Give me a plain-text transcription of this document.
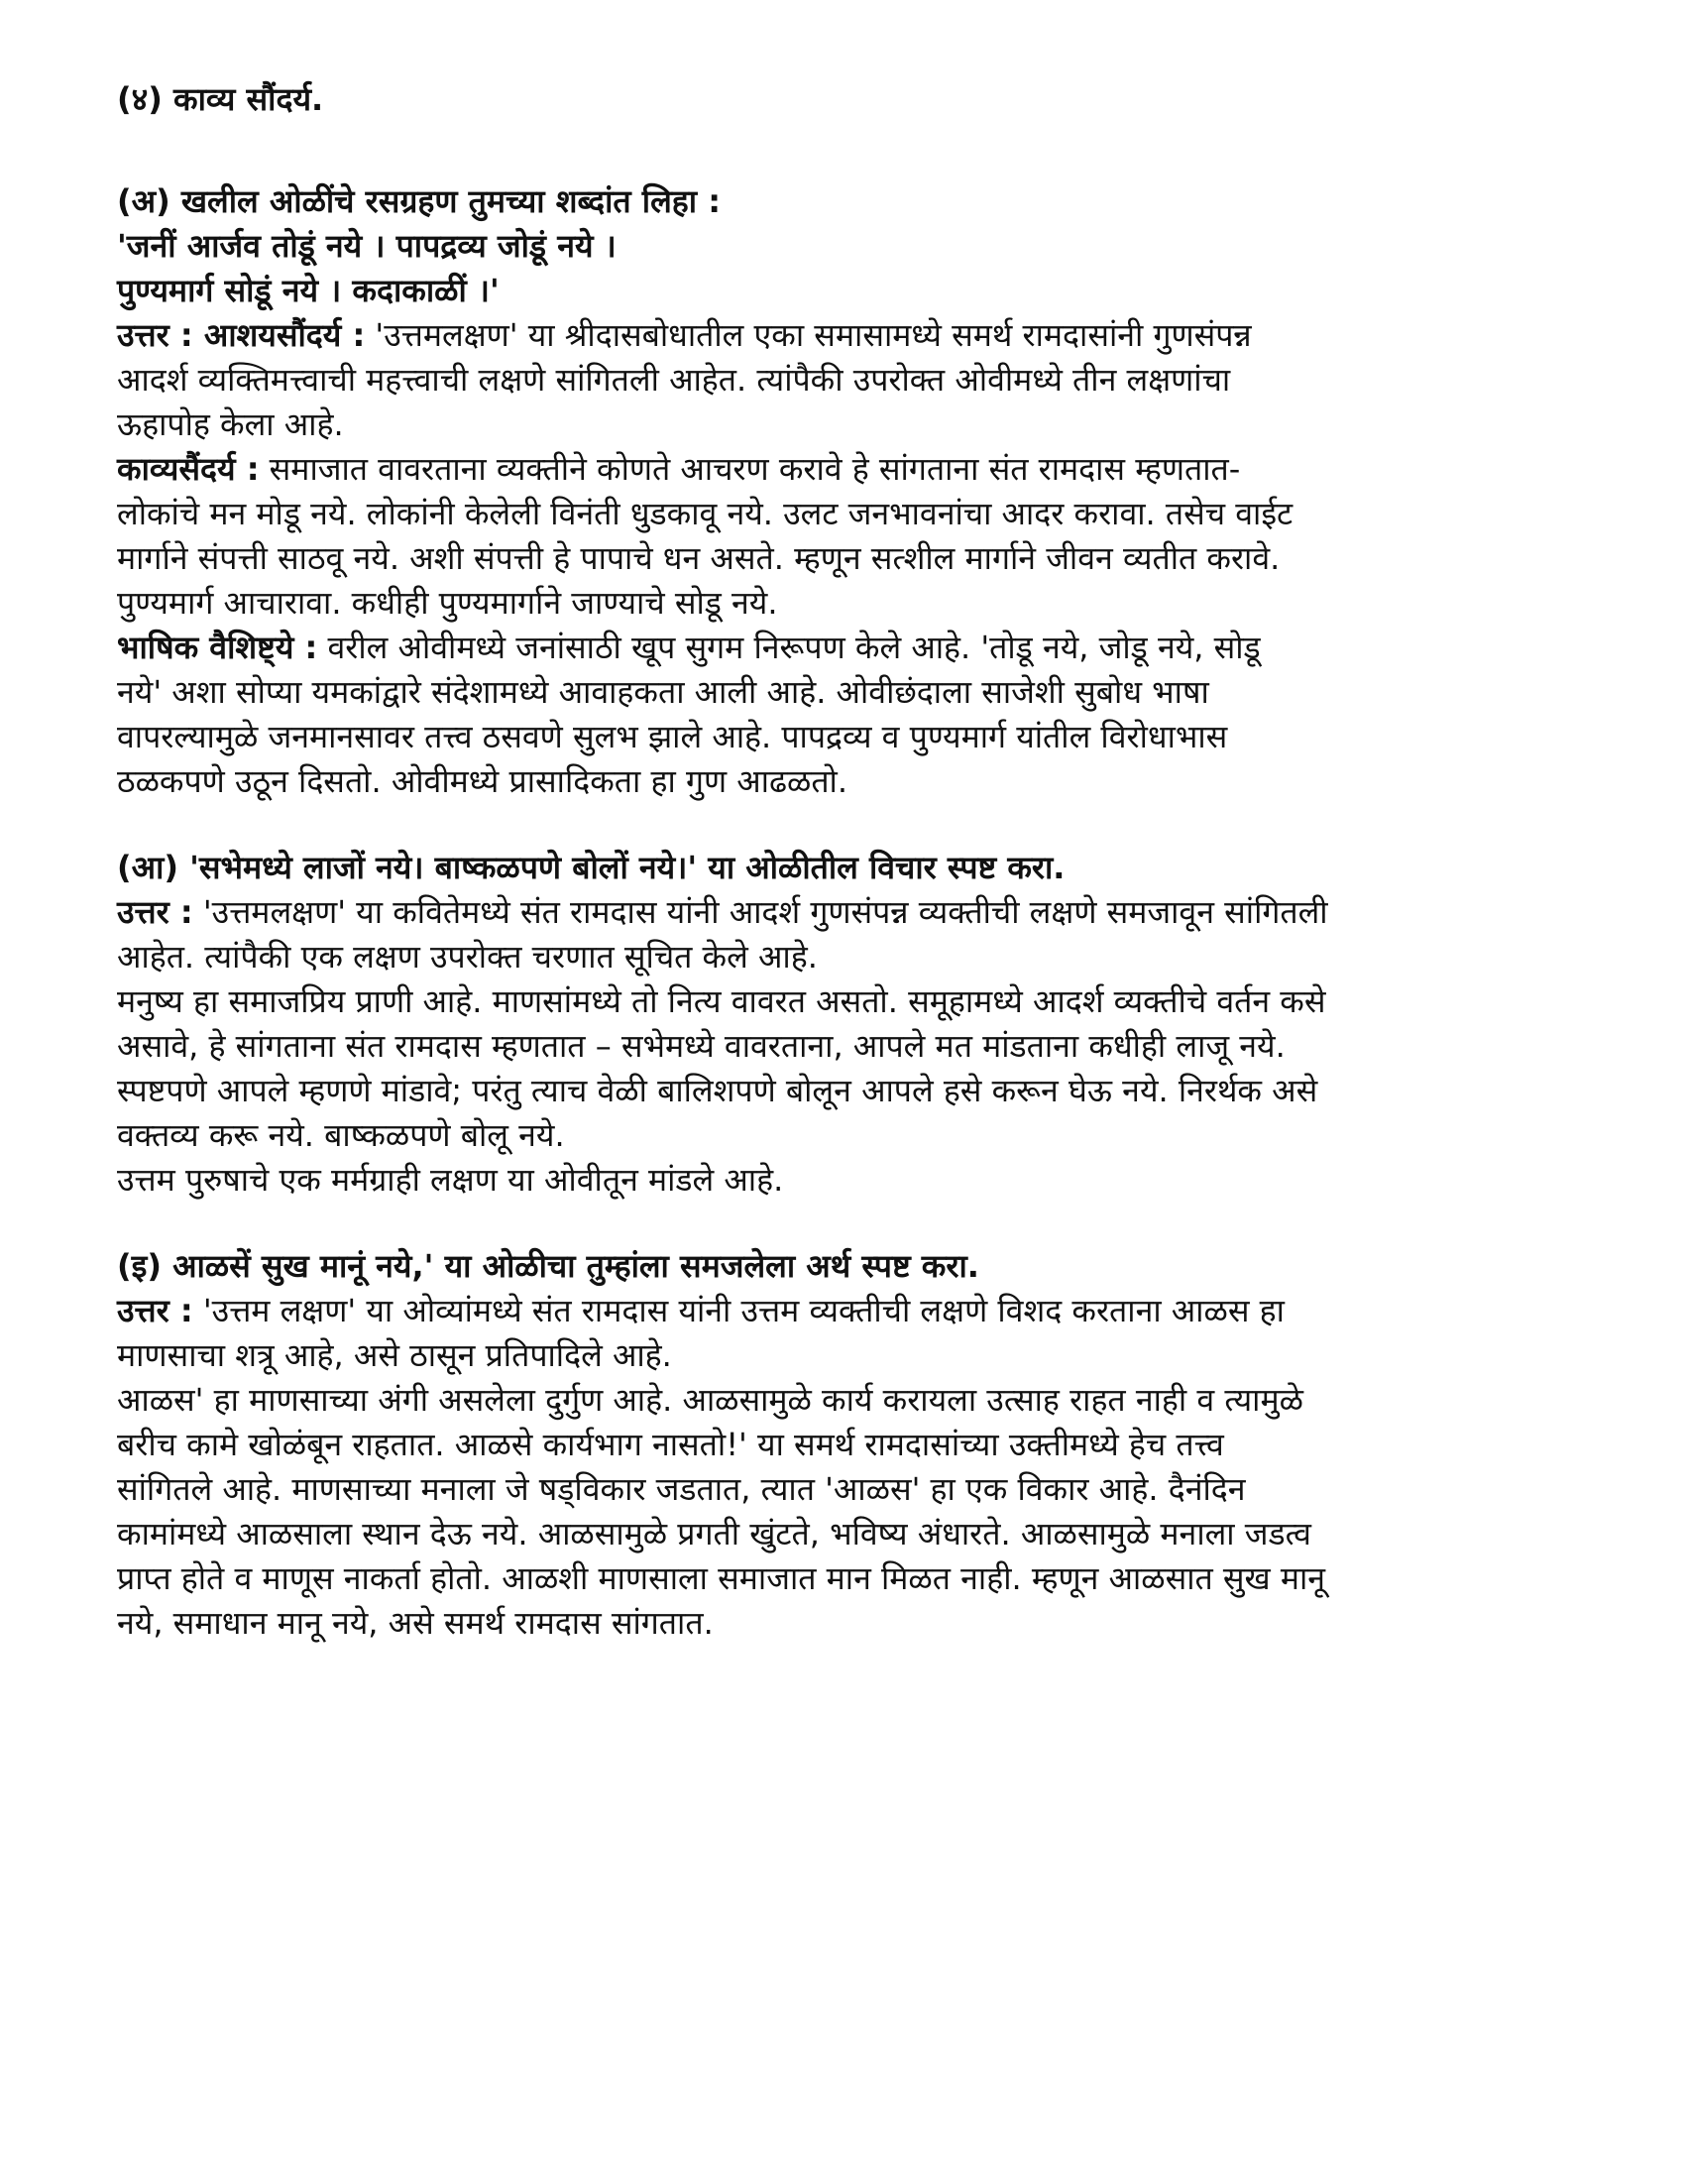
(४) काव्य सौंदर्य.
(अ) खलील ओळींचे रसग्रहण तुमच्या शब्दांत लिहा :
'जनीं आर्जव तोडूं नये । पापद्रव्य जोडूं नये ।
पुण्यमार्ग सोडूं नये । कदाकाळीं ।'
उत्तर : आशयसौंदर्य : 'उत्तमलक्षण' या श्रीदासबोधातील एका समासामध्ये समर्थ रामदासांनी गुणसंपन्न
आदर्श व्यक्तिमत्त्वाची महत्त्वाची लक्षणे सांगितली आहेत. त्यांपैकी उपरोक्त ओवीमध्ये तीन लक्षणांचा
ऊहापोह केला आहे.
काव्यसैंदर्य : समाजात वावरताना व्यक्तीने कोणते आचरण करावे हे सांगताना संत रामदास म्हणतात-
लोकांचे मन मोडू नये. लोकांनी केलेली विनंती धुडकावू नये. उलट जनभावनांचा आदर करावा. तसेच वाईट
मार्गाने संपत्ती साठवू नये. अशी संपत्ती हे पापाचे धन असते. म्हणून सत्शील मार्गाने जीवन व्यतीत करावे.
पुण्यमार्ग आचारावा. कधीही पुण्यमार्गाने जाण्याचे सोडू नये.
भाषिक वैशिष्ट्ये : वरील ओवीमध्ये जनांसाठी खूप सुगम निरूपण केले आहे. 'तोडू नये, जोडू नये, सोडू
नये' अशा सोप्या यमकांद्वारे संदेशामध्ये आवाहकता आली आहे. ओवीछंदाला साजेशी सुबोध भाषा
वापरल्यामुळे जनमानसावर तत्त्व ठसवणे सुलभ झाले आहे. पापद्रव्य व पुण्यमार्ग यांतील विरोधाभास
ठळकपणे उठून दिसतो. ओवीमध्ये प्रासादिकता हा गुण आढळतो.
(आ) 'सभेमध्ये लाजों नये। बाष्कळपणे बोलों नये।' या ओळीतील विचार स्पष्ट करा.
उत्तर : 'उत्तमलक्षण' या कवितेमध्ये संत रामदास यांनी आदर्श गुणसंपन्न व्यक्तीची लक्षणे समजावून सांगितली
आहेत. त्यांपैकी एक लक्षण उपरोक्त चरणात सूचित केले आहे.
मनुष्य हा समाजप्रिय प्राणी आहे. माणसांमध्ये तो नित्य वावरत असतो. समूहामध्ये आदर्श व्यक्तीचे वर्तन कसे
असावे, हे सांगताना संत रामदास म्हणतात – सभेमध्ये वावरताना, आपले मत मांडताना कधीही लाजू नये.
स्पष्टपणे आपले म्हणणे मांडावे; परंतु त्याच वेळी बालिशपणे बोलून आपले हसे करून घेऊ नये. निरर्थक असे
वक्तव्य करू नये. बाष्कळपणे बोलू नये.
उत्तम पुरुषाचे एक मर्मग्राही लक्षण या ओवीतून मांडले आहे.
(इ) आळसें सुख मानूं नये,' या ओळीचा तुम्हांला समजलेला अर्थ स्पष्ट करा.
उत्तर : 'उत्तम लक्षण' या ओव्यांमध्ये संत रामदास यांनी उत्तम व्यक्तीची लक्षणे विशद करताना आळस हा
माणसाचा शत्रू आहे, असे ठासून प्रतिपादिले आहे.
आळस' हा माणसाच्या अंगी असलेला दुर्गुण आहे. आळसामुळे कार्य करायला उत्साह राहत नाही व त्यामुळे
बरीच कामे खोळंबून राहतात. आळसे कार्यभाग नासतो!' या समर्थ रामदासांच्या उक्तीमध्ये हेच तत्त्व
सांगितले आहे. माणसाच्या मनाला जे षड्विकार जडतात, त्यात 'आळस' हा एक विकार आहे. दैनंदिन
कामांमध्ये आळसाला स्थान देऊ नये. आळसामुळे प्रगती खुंटते, भविष्य अंधारते. आळसामुळे मनाला जडत्व
प्राप्त होते व माणूस नाकर्ता होतो. आळशी माणसाला समाजात मान मिळत नाही. म्हणून आळसात सुख मानू
नये, समाधान मानू नये, असे समर्थ रामदास सांगतात.
